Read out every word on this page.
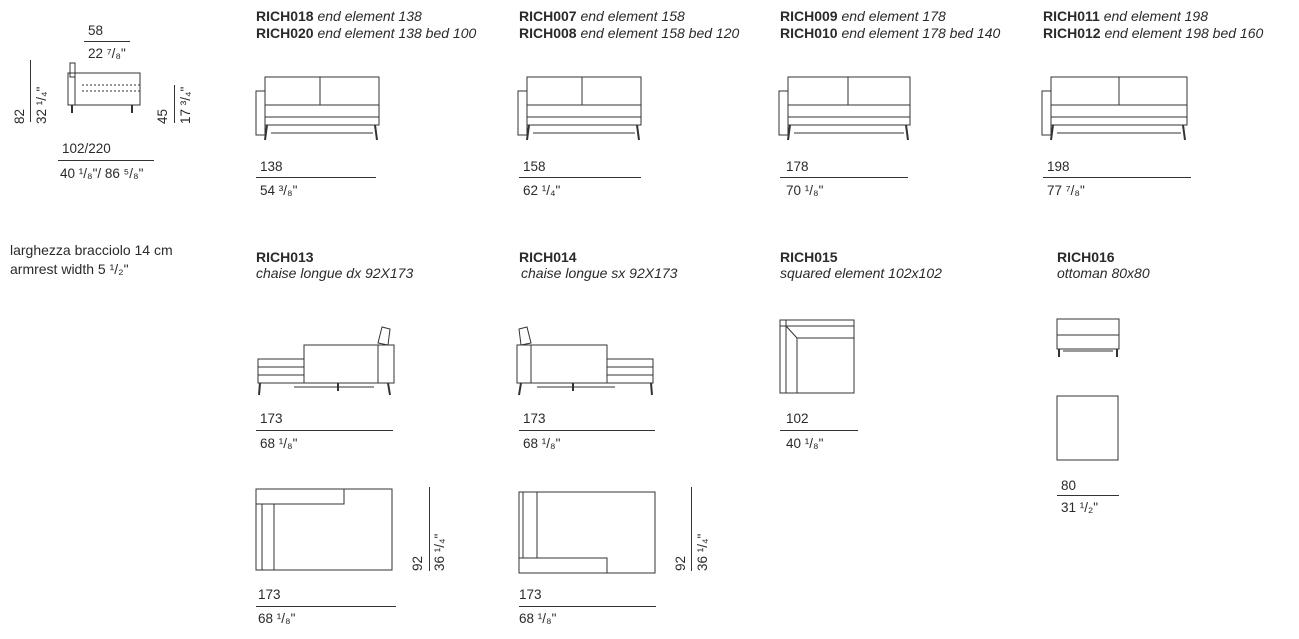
58
22 ⁷/₈"
82 32 ¹/₄"	45 17 ³/₄"
102/220
40 ¹/₈"/ 86 ⁵/₈"
larghezza bracciolo 14 cm
armrest width 5 ¹/₂"
RICH018 end element 138
RICH020 end element 138 bed 100
138
54 ³/₈"
RICH007 end element 158
RICH008 end element 158 bed 120
158
62 ¹/₄"
RICH009 end element 178
RICH010 end element 178 bed 140
178
70 ¹/₈"
RICH011 end element 198
RICH012 end element 198 bed 160
198
77 ⁷/₈"
RICH013
chaise longue dx 92X173
173
68 ¹/₈"
RICH014
chaise longue sx 92X173
173
68 ¹/₈"
RICH015
squared element 102x102
102
40 ¹/₈"
RICH016
ottoman 80x80
80
31 ¹/₂"
92 36 ¹/₄"
173
68 ¹/₈"
92 36 ¹/₄"
173
68 ¹/₈"
